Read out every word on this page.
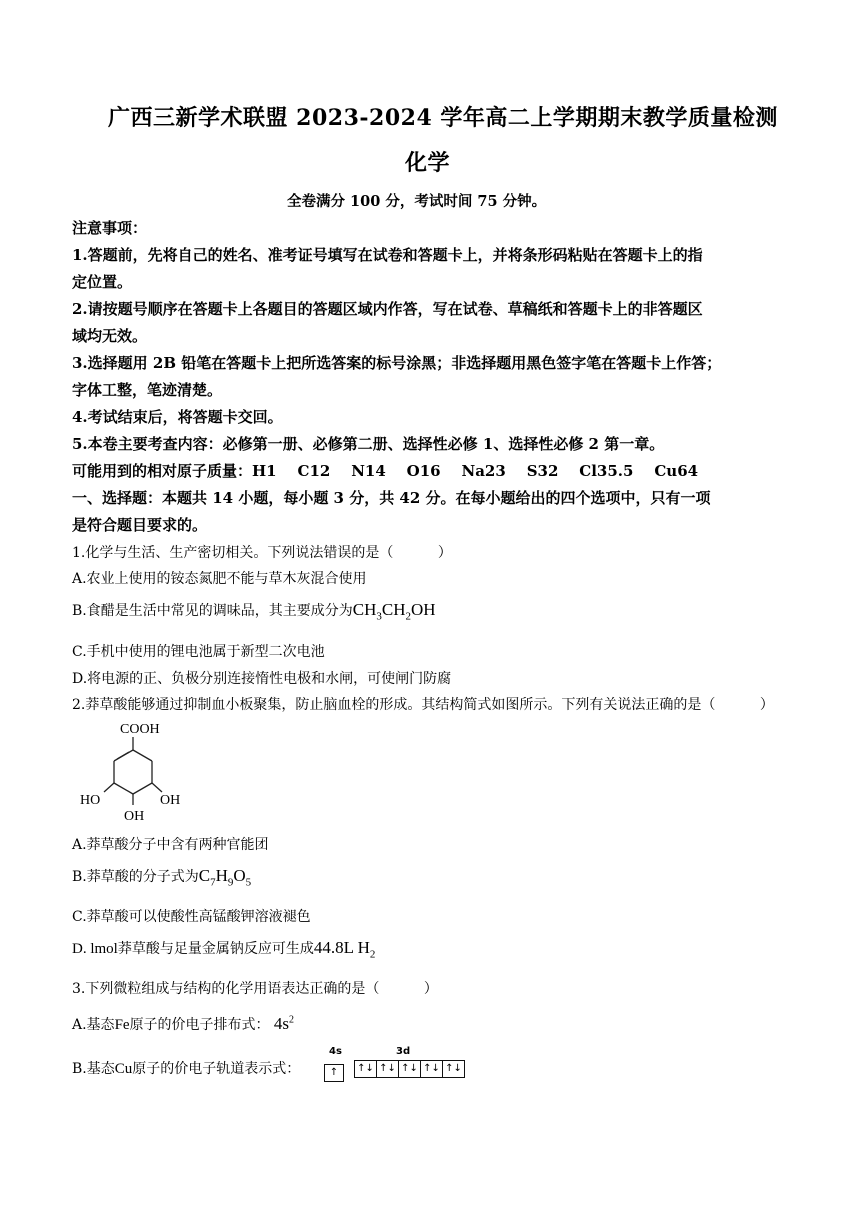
广西三新学术联盟 2023-2024 学年高二上学期期末教学质量检测
化学
全卷满分 100 分，考试时间 75 分钟。
注意事项：
1.答题前，先将自己的姓名、准考证号填写在试卷和答题卡上，并将条形码粘贴在答题卡上的指
定位置。
2.请按题号顺序在答题卡上各题目的答题区域内作答，写在试卷、草稿纸和答题卡上的非答题区
域均无效。
3.选择题用 2B 铅笔在答题卡上把所选答案的标号涂黑；非选择题用黑色签字笔在答题卡上作答；
字体工整，笔迹清楚。
4.考试结束后，将答题卡交回。
5.本卷主要考查内容：必修第一册、必修第二册、选择性必修 1、选择性必修 2 第一章。
可能用到的相对原子质量：H1    C12    N14    O16    Na23    S32    Cl35.5    Cu64
一、选择题：本题共 14 小题，每小题 3 分，共 42 分。在每小题给出的四个选项中，只有一项
是符合题目要求的。
1.化学与生活、生产密切相关。下列说法错误的是（          ）
A.农业上使用的铵态氮肥不能与草木灰混合使用
B.食醋是生活中常见的调味品，其主要成分为$CH_3CH_2OH$
C.手机中使用的锂电池属于新型二次电池
D.将电源的正、负极分别连接惰性电极和水闸，可使闸门防腐
2.莽草酸能够通过抑制血小板聚集，防止脑血栓的形成。其结构简式如图所示。下列有关说法正确的是（          ）
COOH
HO	OH
OH
A.莽草酸分子中含有两种官能团
B.莽草酸的分子式为$C_7H_9O_5$
C.莽草酸可以使酸性高锰酸钾溶液褪色
D. lmol莽草酸与足量金属钠反应可生成44.8L $H_2$
3.下列微粒组成与结构的化学用语表达正确的是（          ）
A.基态Fe原子的价电子排布式： $4s^2$
B.基态Cu原子的价电子轨道表示式：
4s	3d
↑	↑↓ ↑↓ ↑↓ ↑↓ ↑↓
